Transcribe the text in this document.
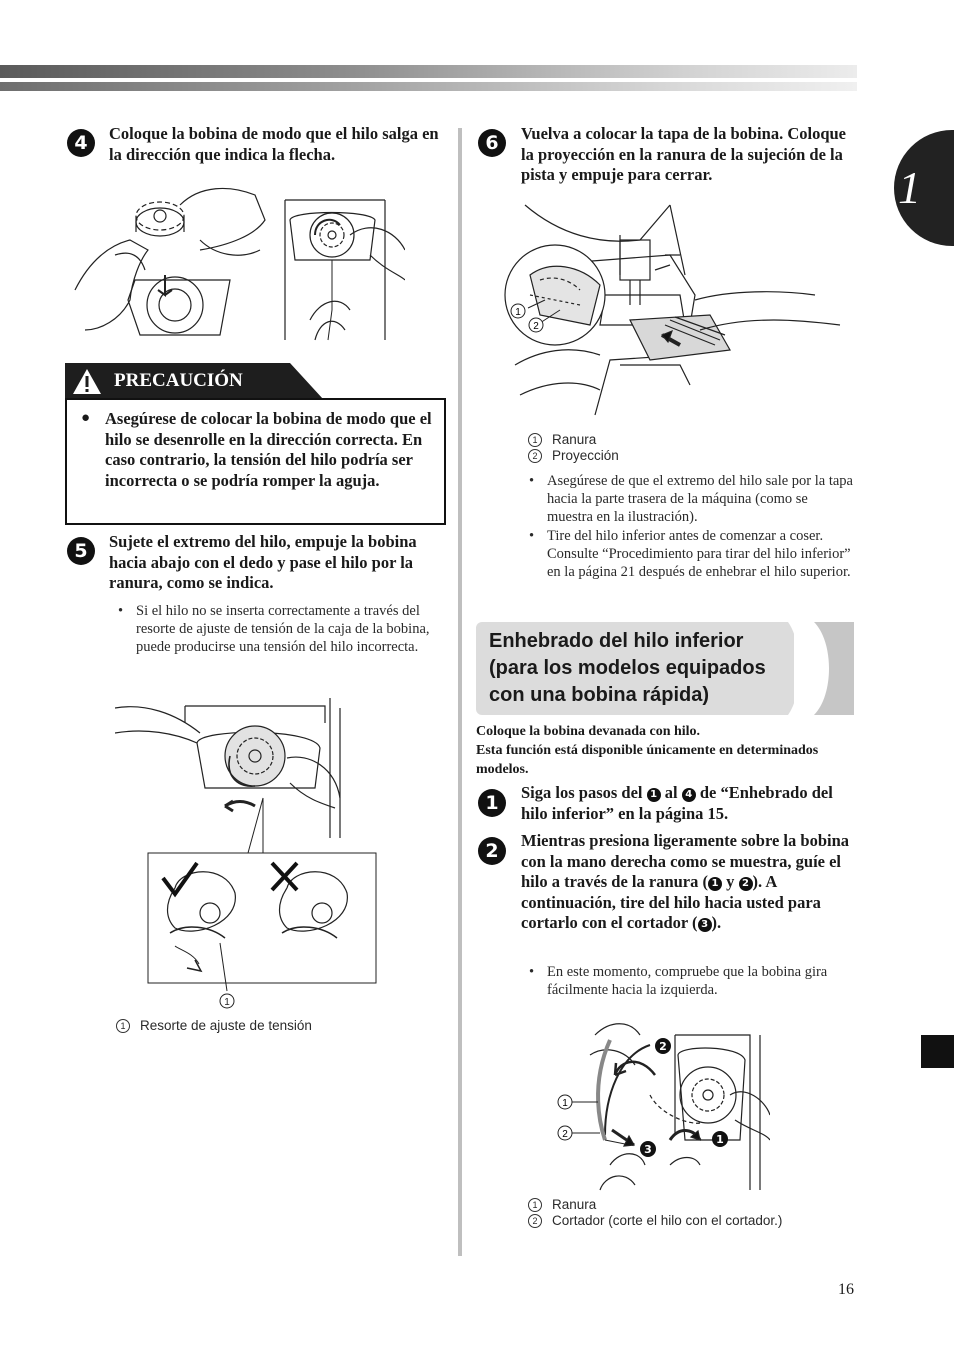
1
4	Coloque la bobina de modo que el hilo salga en la dirección que indica la flecha.
PRECAUCIÓN
● Asegúrese de colocar la bobina de modo que el hilo se desenrolle en la dirección correcta. En caso contrario, la tensión del hilo podría ser incorrecta o se podría romper la aguja.
5	Sujete el extremo del hilo, empuje la bobina hacia abajo con el dedo y pase el hilo por la ranura, como se indica.
• Si el hilo no se inserta correctamente a través del resorte de ajuste de tensión de la caja de la bobina, puede producirse una tensión del hilo incorrecta.
1
1 Resorte de ajuste de tensión
6	Vuelva a colocar la tapa de la bobina. Coloque la proyección en la ranura de la sujeción de la pista y empuje para cerrar.
1
2
1 Ranura
2 Proyección
• Asegúrese de que el extremo del hilo sale por la tapa hacia la parte trasera de la máquina (como se muestra en la ilustración).
• Tire del hilo inferior antes de comenzar a coser. Consulte “Procedimiento para tirar del hilo inferior” en la página 21 después de enhebrar el hilo superior.
Enhebrado del hilo inferior
(para los modelos equipados
con una bobina rápida)
Coloque la bobina devanada con hilo.
Esta función está disponible únicamente en determinados modelos.
1	Siga los pasos del 1 al 4 de “Enhebrado del hilo inferior” en la página 15.
2	Mientras presiona ligeramente sobre la bobina con la mano derecha como se muestra, guíe el hilo a través de la ranura ( 1 y 2 ). A continuación, tire del hilo hacia usted para cortarlo con el cortador ( 3 ).
• En este momento, compruebe que la bobina gira fácilmente hacia la izquierda.
1
2
2
3
1
1 Ranura
2 Cortador (corte el hilo con el cortador.)
16
